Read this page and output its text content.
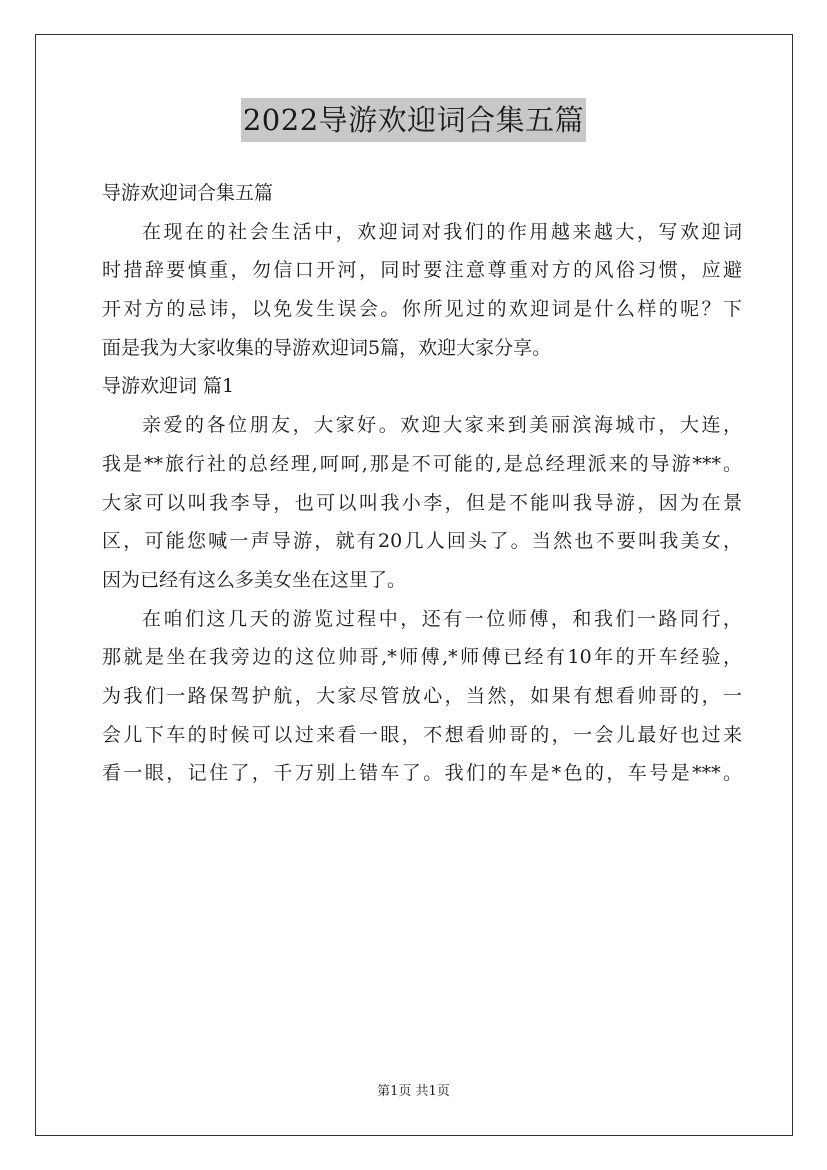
2022导游欢迎词合集五篇
导游欢迎词合集五篇
在现在的社会生活中，欢迎词对我们的作用越来越大，写欢迎词
时措辞要慎重，勿信口开河，同时要注意尊重对方的风俗习惯，应避
开对方的忌讳，以免发生误会。你所见过的欢迎词是什么样的呢？下
面是我为大家收集的导游欢迎词5篇，欢迎大家分享。
导游欢迎词 篇1
亲爱的各位朋友，大家好。欢迎大家来到美丽滨海城市，大连，
我是**旅行社的总经理,呵呵,那是不可能的,是总经理派来的导游***。
大家可以叫我李导，也可以叫我小李，但是不能叫我导游，因为在景
区，可能您喊一声导游，就有20几人回头了。当然也不要叫我美女，
因为已经有这么多美女坐在这里了。
在咱们这几天的游览过程中，还有一位师傅，和我们一路同行，
那就是坐在我旁边的这位帅哥,*师傅,*师傅已经有10年的开车经验，
为我们一路保驾护航，大家尽管放心，当然，如果有想看帅哥的，一
会儿下车的时候可以过来看一眼，不想看帅哥的，一会儿最好也过来
看一眼，记住了，千万别上错车了。我们的车是*色的，车号是***。
第1页 共1页
